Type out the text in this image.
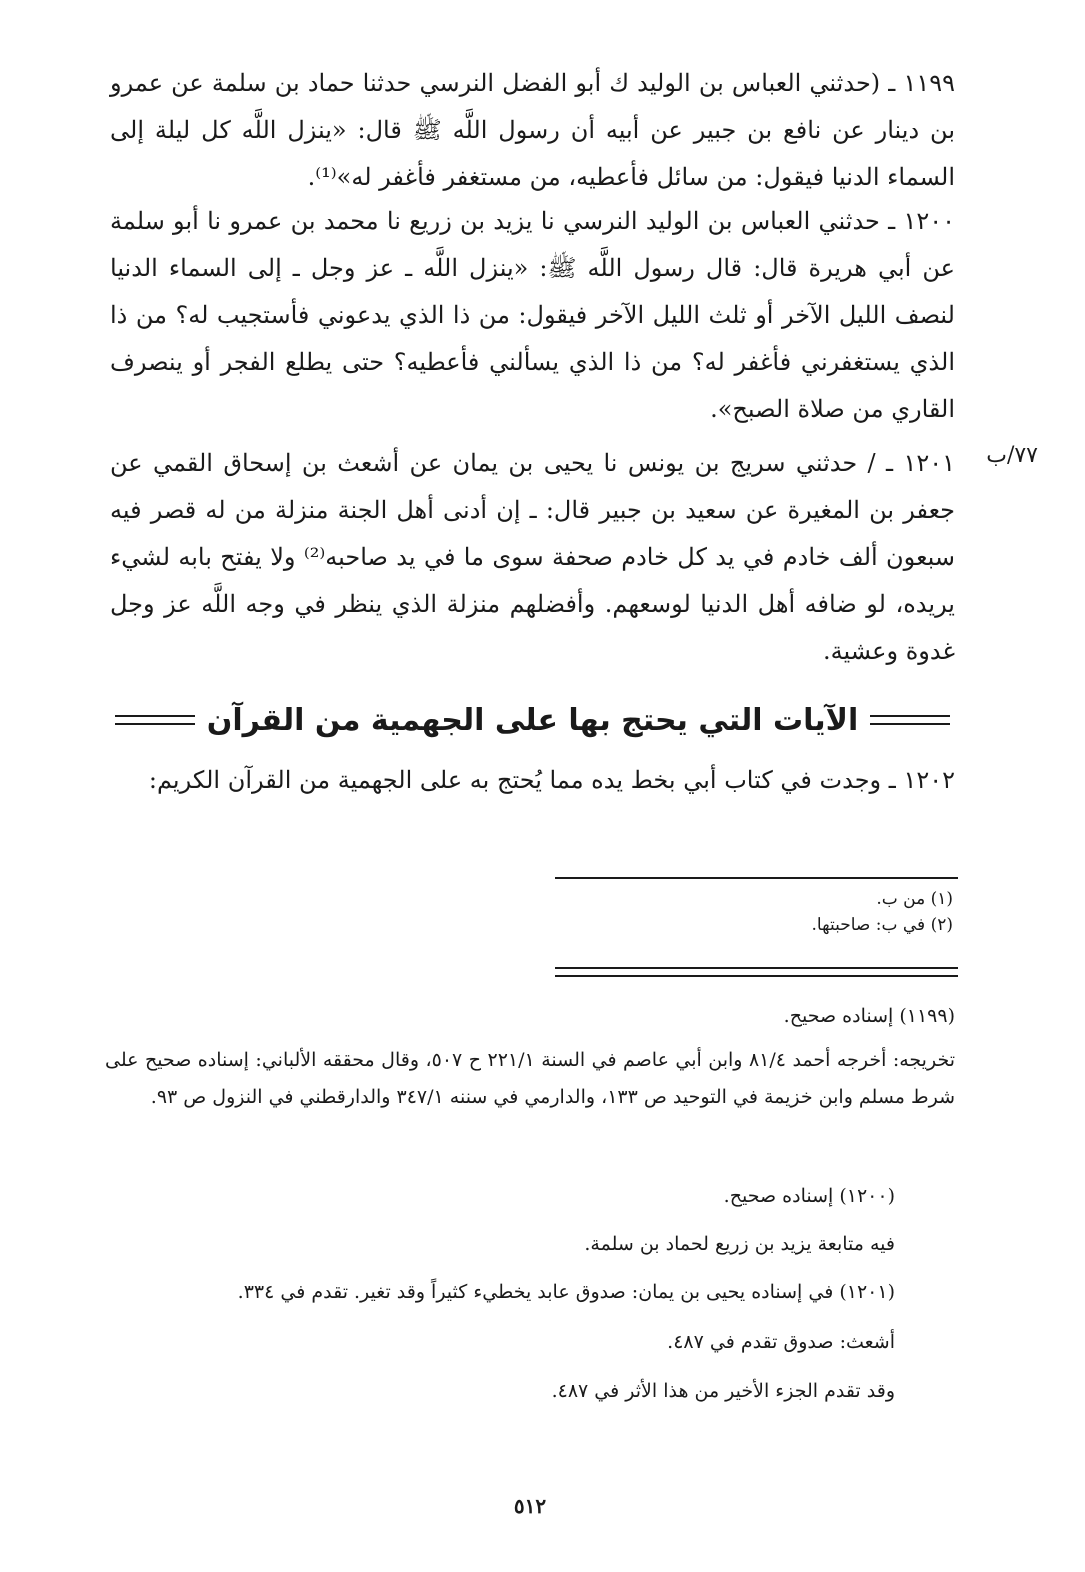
١١٩٩ ـ (حدثني العباس بن الوليد ك أبو الفضل النرسي حدثنا حماد بن سلمة عن عمرو بن دينار عن نافع بن جبير عن أبيه أن رسول اللَّه ﷺ قال: «ينزل اللَّه كل ليلة إلى السماء الدنيا فيقول: من سائل فأعطيه، من مستغفر فأغفر له»⁽¹⁾.

١٢٠٠ ـ حدثني العباس بن الوليد النرسي نا يزيد بن زريع نا محمد بن عمرو نا أبو سلمة عن أبي هريرة قال: قال رسول اللَّه ﷺ: «ينزل اللَّه ـ عز وجل ـ إلى السماء الدنيا لنصف الليل الآخر أو ثلث الليل الآخر فيقول: من ذا الذي يدعوني فأستجيب له؟ من ذا الذي يستغفرني فأغفر له؟ من ذا الذي يسألني فأعطيه؟ حتى يطلع الفجر أو ينصرف القاري من صلاة الصبح».

٧٧/ب

١٢٠١ ـ / حدثني سريج بن يونس نا يحيى بن يمان عن أشعث بن إسحاق القمي عن جعفر بن المغيرة عن سعيد بن جبير قال: ـ إن أدنى أهل الجنة منزلة من له قصر فيه سبعون ألف خادم في يد كل خادم صحفة سوى ما في يد صاحبه⁽²⁾ ولا يفتح بابه لشيء يريده، لو ضافه أهل الدنيا لوسعهم. وأفضلهم منزلة الذي ينظر في وجه اللَّه عز وجل غدوة وعشية.

الآيات التي يحتج بها على الجهمية من القرآن

١٢٠٢ ـ وجدت في كتاب أبي بخط يده مما يُحتج به على الجهمية من القرآن الكريم:

(١) من ب.
(٢) في ب: صاحبتها.
(١١٩٩) إسناده صحيح.
تخريجه: أخرجه أحمد ٨١/٤ وابن أبي عاصم في السنة ٢٢١/١ ح ٥٠٧، وقال محققه الألباني: إسناده صحيح على شرط مسلم وابن خزيمة في التوحيد ص ١٣٣، والدارمي في سننه ٣٤٧/١ والدارقطني في النزول ص ٩٣.
(١٢٠٠) إسناده صحيح.
فيه متابعة يزيد بن زريع لحماد بن سلمة.
(١٢٠١) في إسناده يحيى بن يمان: صدوق عابد يخطيء كثيراً وقد تغير. تقدم في ٣٣٤.
أشعث: صدوق تقدم في ٤٨٧.
وقد تقدم الجزء الأخير من هذا الأثر في ٤٨٧.
٥١٢
